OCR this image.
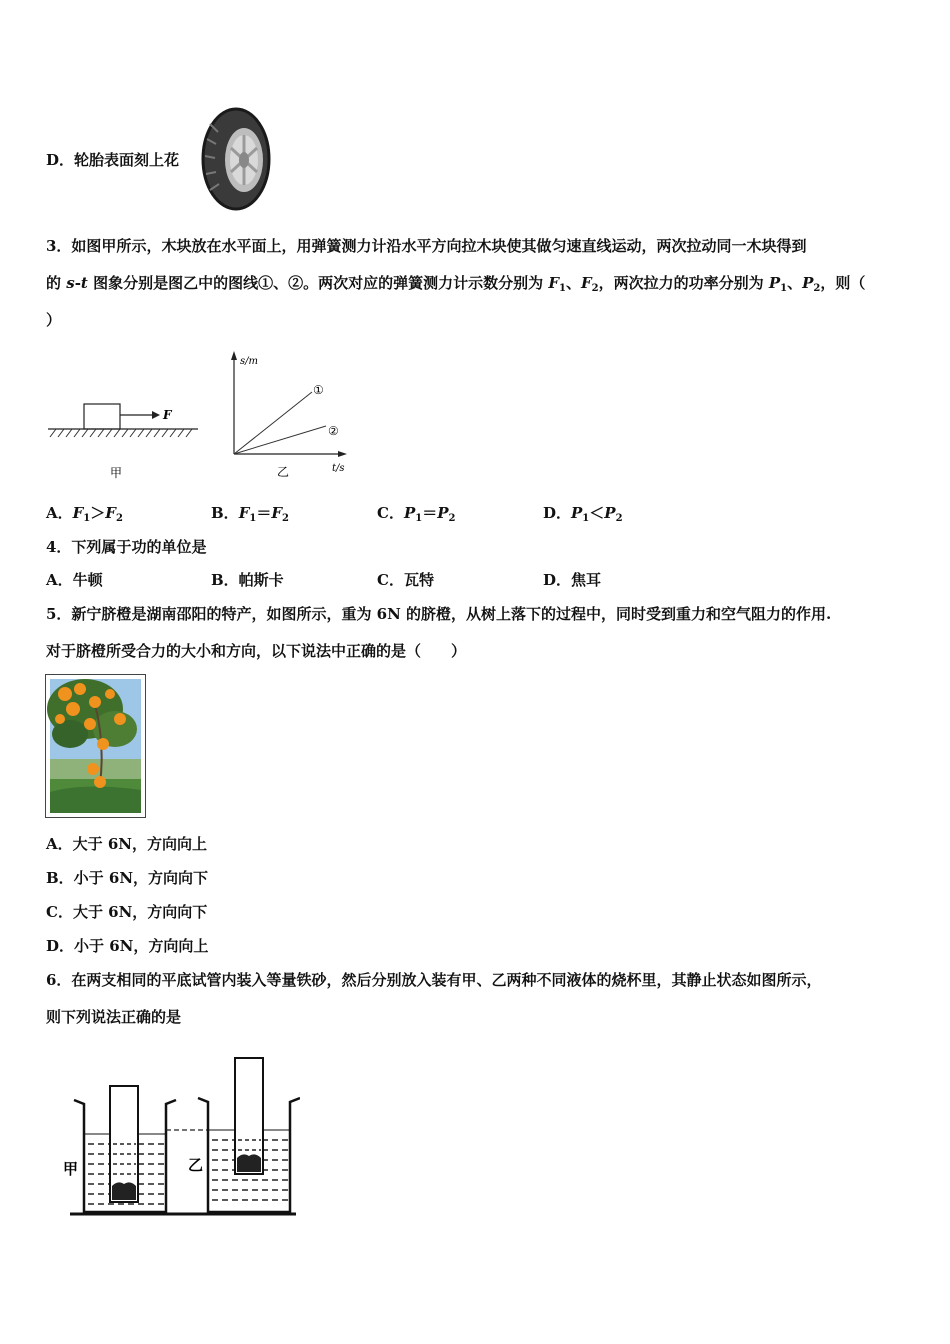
D．轮胎表面刻上花
3．如图甲所示，木块放在水平面上，用弹簧测力计沿水平方向拉木块使其做匀速直线运动，两次拉动同一木块得到
的 s-t 图象分别是图乙中的图线①、②。两次对应的弹簧测力计示数分别为 $F_1$、$F_2$，两次拉力的功率分别为 $P_1$、$P_2$，则（
）
F
甲
s/m
t/s
①
②
乙
A．$F_1>F_2$	B．$F_1=F_2$	C．$P_1=P_2$	D．$P_1<P_2$
4．下列属于功的单位是
A．牛顿	B．帕斯卡	C．瓦特	D．焦耳
5．新宁脐橙是湖南邵阳的特产，如图所示，重为 6N 的脐橙，从树上落下的过程中，同时受到重力和空气阻力的作用.
对于脐橙所受合力的大小和方向，以下说法中正确的是（　　）
A．大于 6N，方向向上
B．小于 6N，方向向下
C．大于 6N，方向向下
D．小于 6N，方向向上
6．在两支相同的平底试管内装入等量铁砂，然后分别放入装有甲、乙两种不同液体的烧杯里，其静止状态如图所示，
则下列说法正确的是
甲	乙
